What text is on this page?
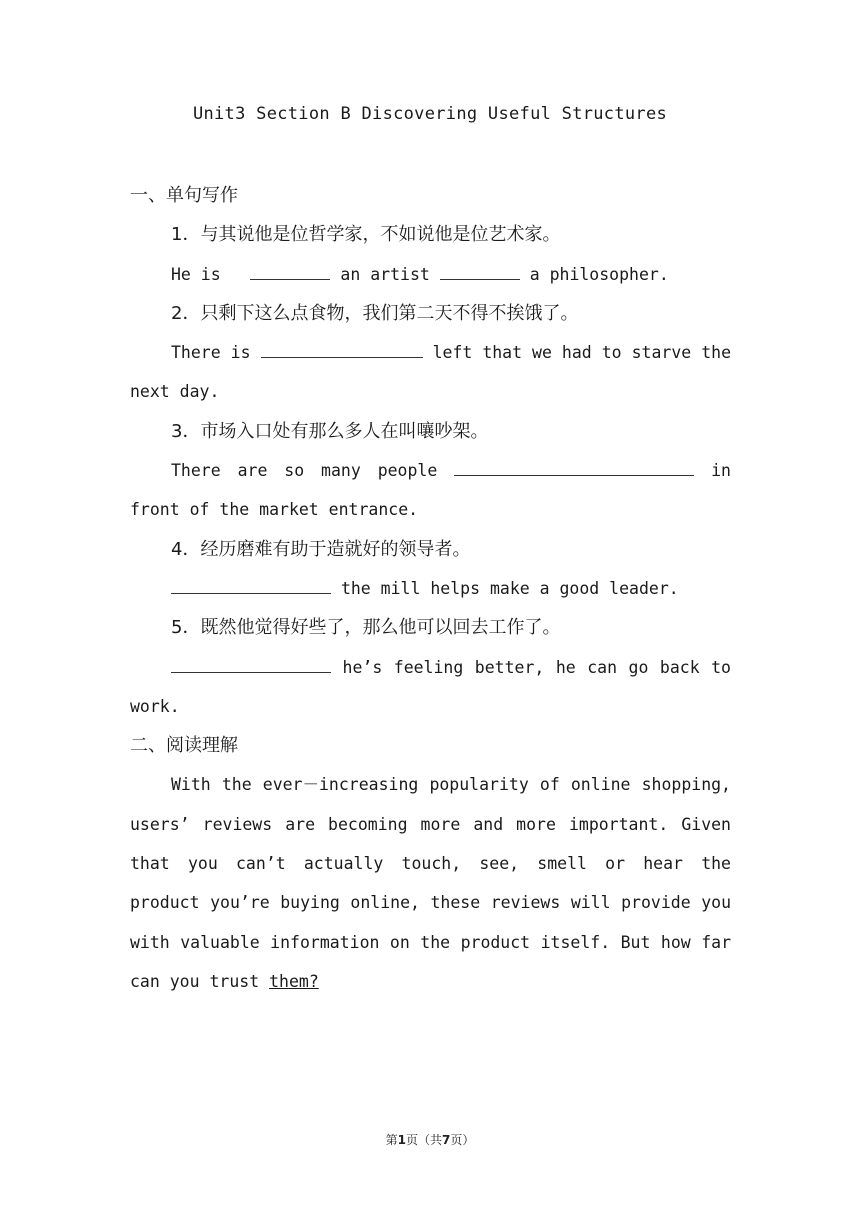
Unit3 Section B Discovering Useful Structures

一、单句写作

1．与其说他是位哲学家，不如说他是位艺术家。

He is	an artist	a philosopher.

2．只剩下这么点食物，我们第二天不得不挨饿了。

There is	left that we had to starve the next day.

3．市场入口处有那么多人在叫嚷吵架。

There are so many people	in front of the market entrance.

4．经历磨难有助于造就好的领导者。

the mill helps make a good leader.

5．既然他觉得好些了，那么他可以回去工作了。

he’s feeling better, he can go back to work.

二、阅读理解

With the ever－increasing popularity of online shopping, users’ reviews are becoming more and more important. Given that you can’t actually touch, see, smell or hear the product you’re buying online, these reviews will provide you with valuable information on the product itself. But how far can you trust them?

第1页（共7页）
